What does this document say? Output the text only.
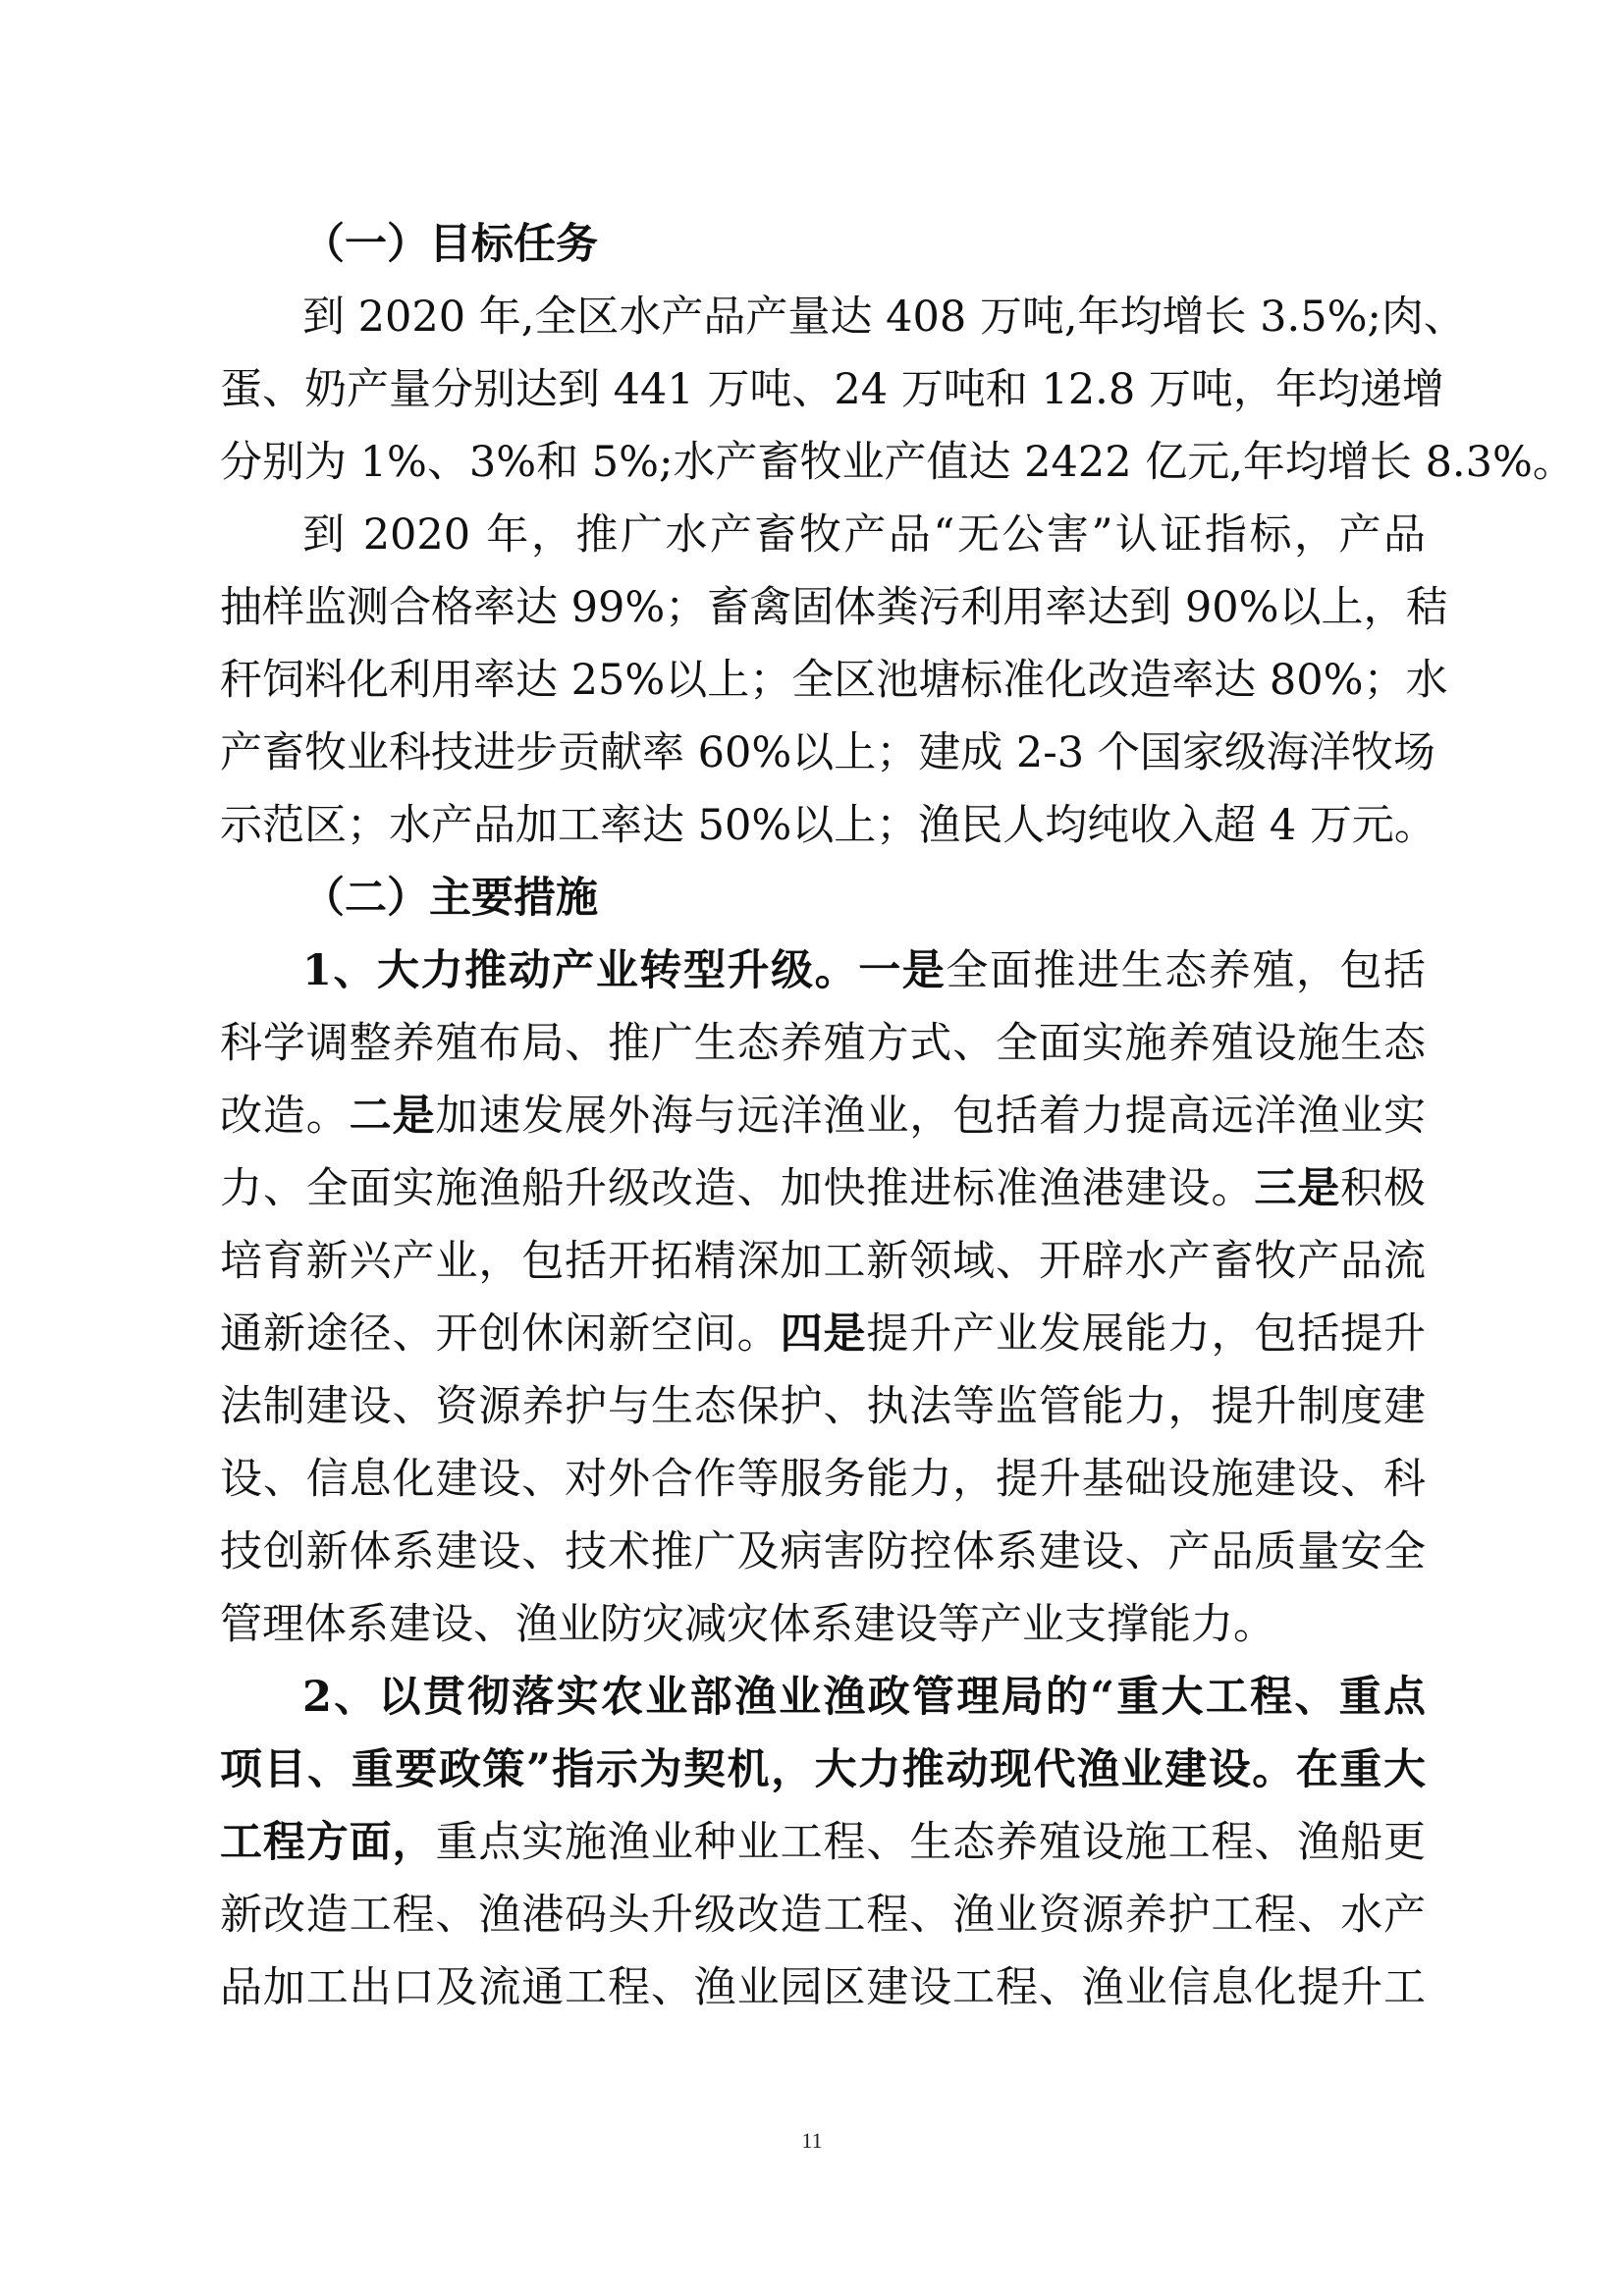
（一）目标任务
到 2020 年,全区水产品产量达 408 万吨,年均增长 3.5%;肉、
蛋、奶产量分别达到 441 万吨、24 万吨和 12.8 万吨，年均递增
分别为 1%、3%和 5%;水产畜牧业产值达 2422 亿元,年均增长 8.3%。
到 2020 年，推广水产畜牧产品“无公害”认证指标，产品
抽样监测合格率达 99%；畜禽固体粪污利用率达到 90%以上，秸
秆饲料化利用率达 25%以上；全区池塘标准化改造率达 80%；水
产畜牧业科技进步贡献率 60%以上；建成 2-3 个国家级海洋牧场
示范区；水产品加工率达 50%以上；渔民人均纯收入超 4 万元。
（二）主要措施
1、大力推动产业转型升级。一是全面推进生态养殖，包括
科学调整养殖布局、推广生态养殖方式、全面实施养殖设施生态
改造。二是加速发展外海与远洋渔业，包括着力提高远洋渔业实
力、全面实施渔船升级改造、加快推进标准渔港建设。三是积极
培育新兴产业，包括开拓精深加工新领域、开辟水产畜牧产品流
通新途径、开创休闲新空间。四是提升产业发展能力，包括提升
法制建设、资源养护与生态保护、执法等监管能力，提升制度建
设、信息化建设、对外合作等服务能力，提升基础设施建设、科
技创新体系建设、技术推广及病害防控体系建设、产品质量安全
管理体系建设、渔业防灾减灾体系建设等产业支撑能力。
2、以贯彻落实农业部渔业渔政管理局的“重大工程、重点
项目、重要政策”指示为契机，大力推动现代渔业建设。在重大
工程方面，重点实施渔业种业工程、生态养殖设施工程、渔船更
新改造工程、渔港码头升级改造工程、渔业资源养护工程、水产
品加工出口及流通工程、渔业园区建设工程、渔业信息化提升工
11
